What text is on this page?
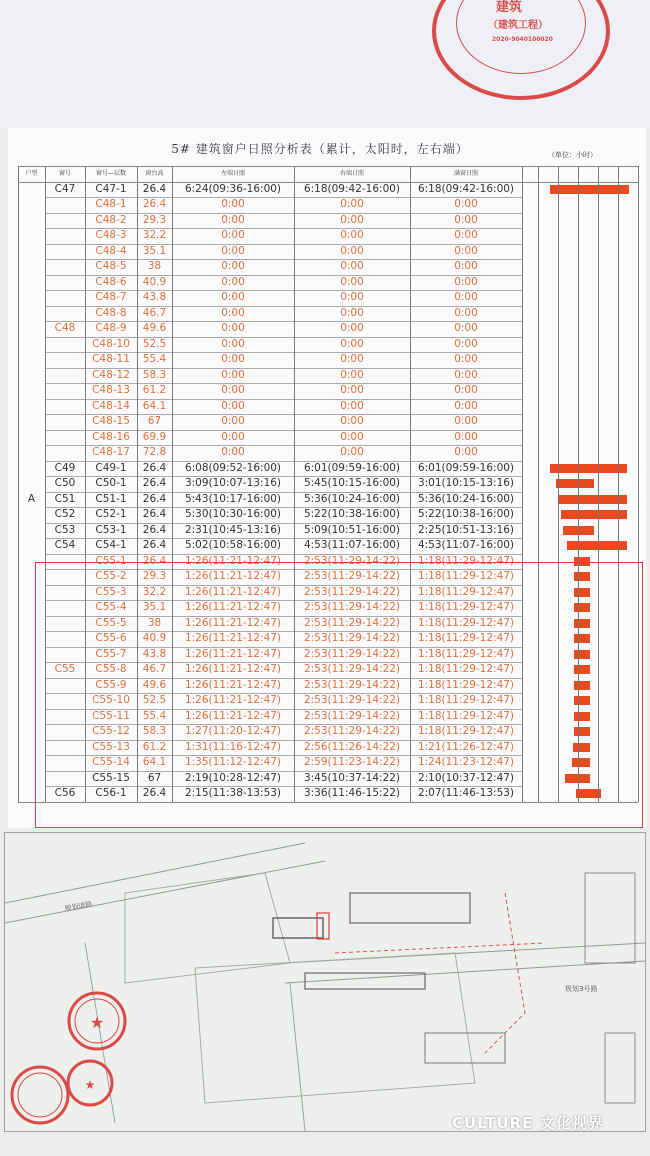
建筑
（建筑工程）
2020-9040100020
5# 建筑窗户日照分析表（累计，太阳时，左右端）	（单位：小时）
户型	窗号	窗号—层数	窗台高	左端日照	右端日照	满窗日照
C47	C47-1	26.4	6:24(09:36-16:00)	6:18(09:42-16:00)	6:18(09:42-16:00)
C48-1	26.4	0:00	0:00	0:00
C48-2	29.3	0:00	0:00	0:00
C48-3	32.2	0:00	0:00	0:00
C48-4	35.1	0:00	0:00	0:00
C48-5	38	0:00	0:00	0:00
C48-6	40.9	0:00	0:00	0:00
C48-7	43.8	0:00	0:00	0:00
C48-8	46.7	0:00	0:00	0:00
C48	C48-9	49.6	0:00	0:00	0:00
C48-10	52.5	0:00	0:00	0:00
C48-11	55.4	0:00	0:00	0:00
C48-12	58.3	0:00	0:00	0:00
C48-13	61.2	0:00	0:00	0:00
C48-14	64.1	0:00	0:00	0:00
C48-15	67	0:00	0:00	0:00
C48-16	69.9	0:00	0:00	0:00
C48-17	72.8	0:00	0:00	0:00
C49	C49-1	26.4	6:08(09:52-16:00)	6:01(09:59-16:00)	6:01(09:59-16:00)
C50	C50-1	26.4	3:09(10:07-13:16)	5:45(10:15-16:00)	3:01(10:15-13:16)
C51	C51-1	26.4	5:43(10:17-16:00)	5:36(10:24-16:00)	5:36(10:24-16:00)
C52	C52-1	26.4	5:30(10:30-16:00)	5:22(10:38-16:00)	5:22(10:38-16:00)
C53	C53-1	26.4	2:31(10:45-13:16)	5:09(10:51-16:00)	2:25(10:51-13:16)
C54	C54-1	26.4	5:02(10:58-16:00)	4:53(11:07-16:00)	4:53(11:07-16:00)
C55-1	26.4	1:26(11:21-12:47)	2:53(11:29-14:22)	1:18(11:29-12:47)
C55-2	29.3	1:26(11:21-12:47)	2:53(11:29-14:22)	1:18(11:29-12:47)
C55-3	32.2	1:26(11:21-12:47)	2:53(11:29-14:22)	1:18(11:29-12:47)
C55-4	35.1	1:26(11:21-12:47)	2:53(11:29-14:22)	1:18(11:29-12:47)
C55-5	38	1:26(11:21-12:47)	2:53(11:29-14:22)	1:18(11:29-12:47)
C55-6	40.9	1:26(11:21-12:47)	2:53(11:29-14:22)	1:18(11:29-12:47)
C55-7	43.8	1:26(11:21-12:47)	2:53(11:29-14:22)	1:18(11:29-12:47)
C55	C55-8	46.7	1:26(11:21-12:47)	2:53(11:29-14:22)	1:18(11:29-12:47)
C55-9	49.6	1:26(11:21-12:47)	2:53(11:29-14:22)	1:18(11:29-12:47)
C55-10	52.5	1:26(11:21-12:47)	2:53(11:29-14:22)	1:18(11:29-12:47)
C55-11	55.4	1:26(11:21-12:47)	2:53(11:29-14:22)	1:18(11:29-12:47)
C55-12	58.3	1:27(11:20-12:47)	2:53(11:29-14:22)	1:18(11:29-12:47)
C55-13	61.2	1:31(11:16-12:47)	2:56(11:26-14:22)	1:21(11:26-12:47)
C55-14	64.1	1:35(11:12-12:47)	2:59(11:23-14:22)	1:24(11:23-12:47)
C55-15	67	2:19(10:28-12:47)	3:45(10:37-14:22)	2:10(10:37-12:47)
C56	C56-1	26.4	2:15(11:38-13:53)	3:36(11:46-15:22)	2:07(11:46-13:53)
A
★
★
规划道路
规划3号路
CULTURE 文化视界
